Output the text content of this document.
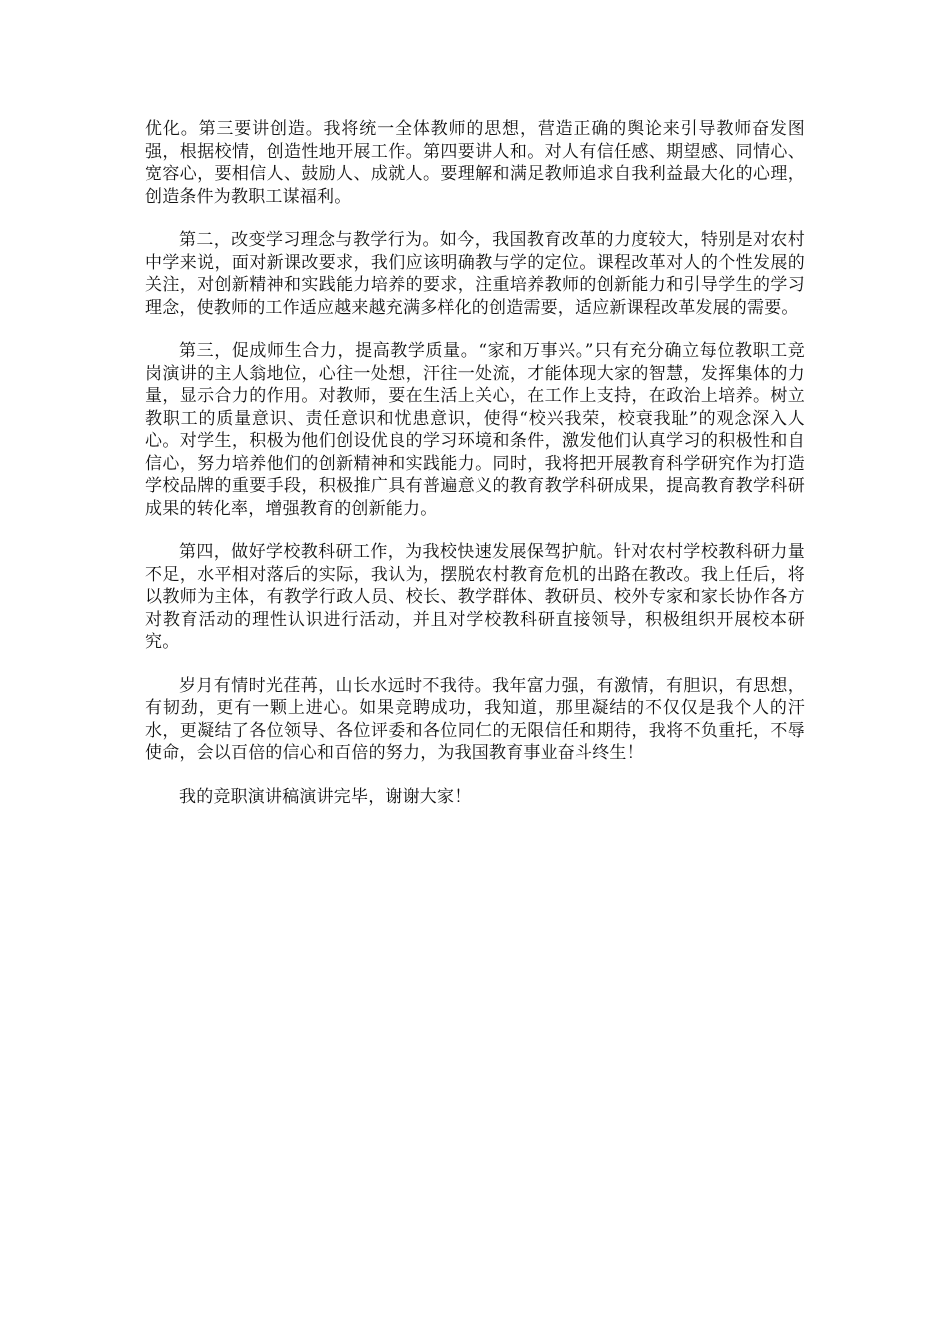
优化。第三要讲创造。我将统一全体教师的思想，营造正确的舆论来引导教师奋发图强，根据校情，创造性地开展工作。第四要讲人和。对人有信任感、期望感、同情心、宽容心，要相信人、鼓励人、成就人。要理解和满足教师追求自我利益最大化的心理，创造条件为教职工谋福利。

第二，改变学习理念与教学行为。如今，我国教育改革的力度较大，特别是对农村中学来说，面对新课改要求，我们应该明确教与学的定位。课程改革对人的个性发展的关注，对创新精神和实践能力培养的要求，注重培养教师的创新能力和引导学生的学习理念，使教师的工作适应越来越充满多样化的创造需要，适应新课程改革发展的需要。

第三，促成师生合力，提高教学质量。“家和万事兴。”只有充分确立每位教职工竞岗演讲的主人翁地位，心往一处想，汗往一处流，才能体现大家的智慧，发挥集体的力量，显示合力的作用。对教师，要在生活上关心，在工作上支持，在政治上培养。树立教职工的质量意识、责任意识和忧患意识，使得“校兴我荣，校衰我耻”的观念深入人心。对学生，积极为他们创设优良的学习环境和条件，激发他们认真学习的积极性和自信心，努力培养他们的创新精神和实践能力。同时，我将把开展教育科学研究作为打造学校品牌的重要手段，积极推广具有普遍意义的教育教学科研成果，提高教育教学科研成果的转化率，增强教育的创新能力。

第四，做好学校教科研工作，为我校快速发展保驾护航。针对农村学校教科研力量不足，水平相对落后的实际，我认为，摆脱农村教育危机的出路在教改。我上任后，将以教师为主体，有教学行政人员、校长、教学群体、教研员、校外专家和家长协作各方对教育活动的理性认识进行活动，并且对学校教科研直接领导，积极组织开展校本研究。

岁月有情时光荏苒，山长水远时不我待。我年富力强，有激情，有胆识，有思想，有韧劲，更有一颗上进心。如果竞聘成功，我知道，那里凝结的不仅仅是我个人的汗水，更凝结了各位领导、各位评委和各位同仁的无限信任和期待，我将不负重托，不辱使命，会以百倍的信心和百倍的努力，为我国教育事业奋斗终生！

我的竞职演讲稿演讲完毕，谢谢大家！
